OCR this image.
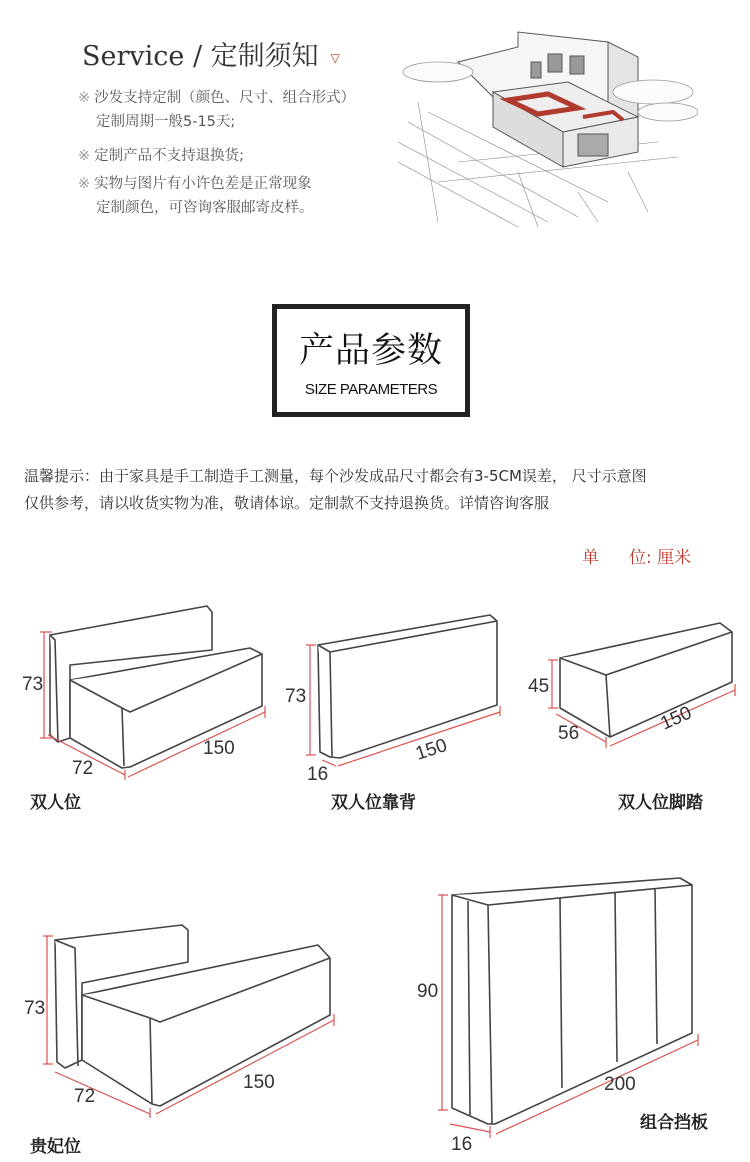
Service / 定制须知 ▽
※ 沙发支持定制（颜色、尺寸、组合形式）
定制周期一般5-15天;
※ 定制产品不支持退换货;
※ 实物与图片有小许色差是正常现象
定制颜色，可咨询客服邮寄皮样。
产品参数
SIZE PARAMETERS
温馨提示：由于家具是手工制造手工测量，每个沙发成品尺寸都会有3-5CM误差， 尺寸示意图
仅供参考，请以收货实物为准，敬请体谅。定制款不支持退换货。详情咨询客服
单 位: 厘米
73
72
150
73
16
150
45
56	150
73
72
150
90
16
200
双人位	双人位靠背	双人位脚踏
贵妃位
组合挡板
